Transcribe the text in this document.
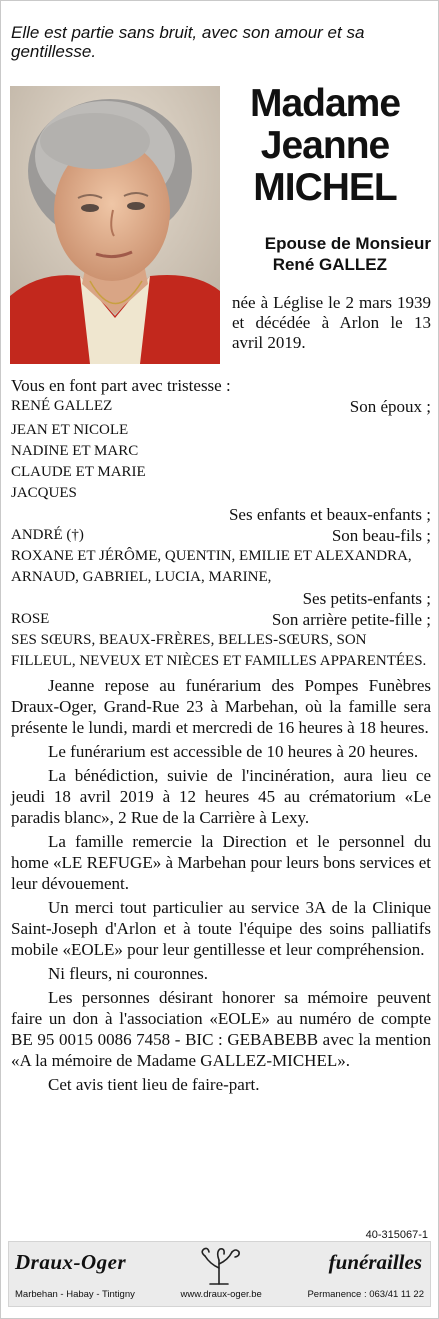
Elle est partie sans bruit, avec son amour et sa gentillesse.
Madame
Jeanne
MICHEL
Epouse de Monsieur
René GALLEZ
née à Léglise le 2 mars 1939 et décédée à Arlon le 13 avril 2019.
Vous en font part avec tristesse :
RENÉ GALLEZ	Son époux ;
JEAN ET NICOLE
NADINE ET MARC
CLAUDE ET MARIE
JACQUES
Ses enfants et beaux-enfants ;
ANDRÉ (†)	Son beau-fils ;
ROXANE ET JÉRÔME, QUENTIN, EMILIE ET ALEXANDRA, ARNAUD, GABRIEL, LUCIA, MARINE,
Ses petits-enfants ;
ROSE	Son arrière petite-fille ;
SES SŒURS, BEAUX-FRÈRES, BELLES-SŒURS, SON FILLEUL, NEVEUX ET NIÈCES ET FAMILLES APPARENTÉES.

Jeanne repose au funérarium des Pompes Funèbres Draux-Oger, Grand-Rue 23 à Marbehan, où la famille sera présente le lundi, mardi et mercredi de 16 heures à 18 heures.

Le funérarium est accessible de 10 heures à 20 heures.

La bénédiction, suivie de l'incinération, aura lieu ce jeudi 18 avril 2019 à 12 heures 45 au crématorium «Le paradis blanc», 2 Rue de la Carrière à Lexy.

La famille remercie la Direction et le personnel du home «LE REFUGE» à Marbehan pour leurs bons services et leur dévouement.

Un merci tout particulier au service 3A de la Clinique Saint-Joseph d'Arlon et à toute l'équipe des soins palliatifs mobile «EOLE» pour leur gentillesse et leur compréhension.

Ni fleurs, ni couronnes.

Les personnes désirant honorer sa mémoire peuvent faire un don à l'association «EOLE» au numéro de compte BE 95 0015 0086 7458 - BIC : GEBABEBB avec la mention «A la mémoire de Madame GALLEZ-MICHEL».

Cet avis tient lieu de faire-part.

40-315067-1
Draux-Oger	funérailles
Marbehan - Habay - Tintigny	www.draux-oger.be	Permanence : 063/41 11 22
